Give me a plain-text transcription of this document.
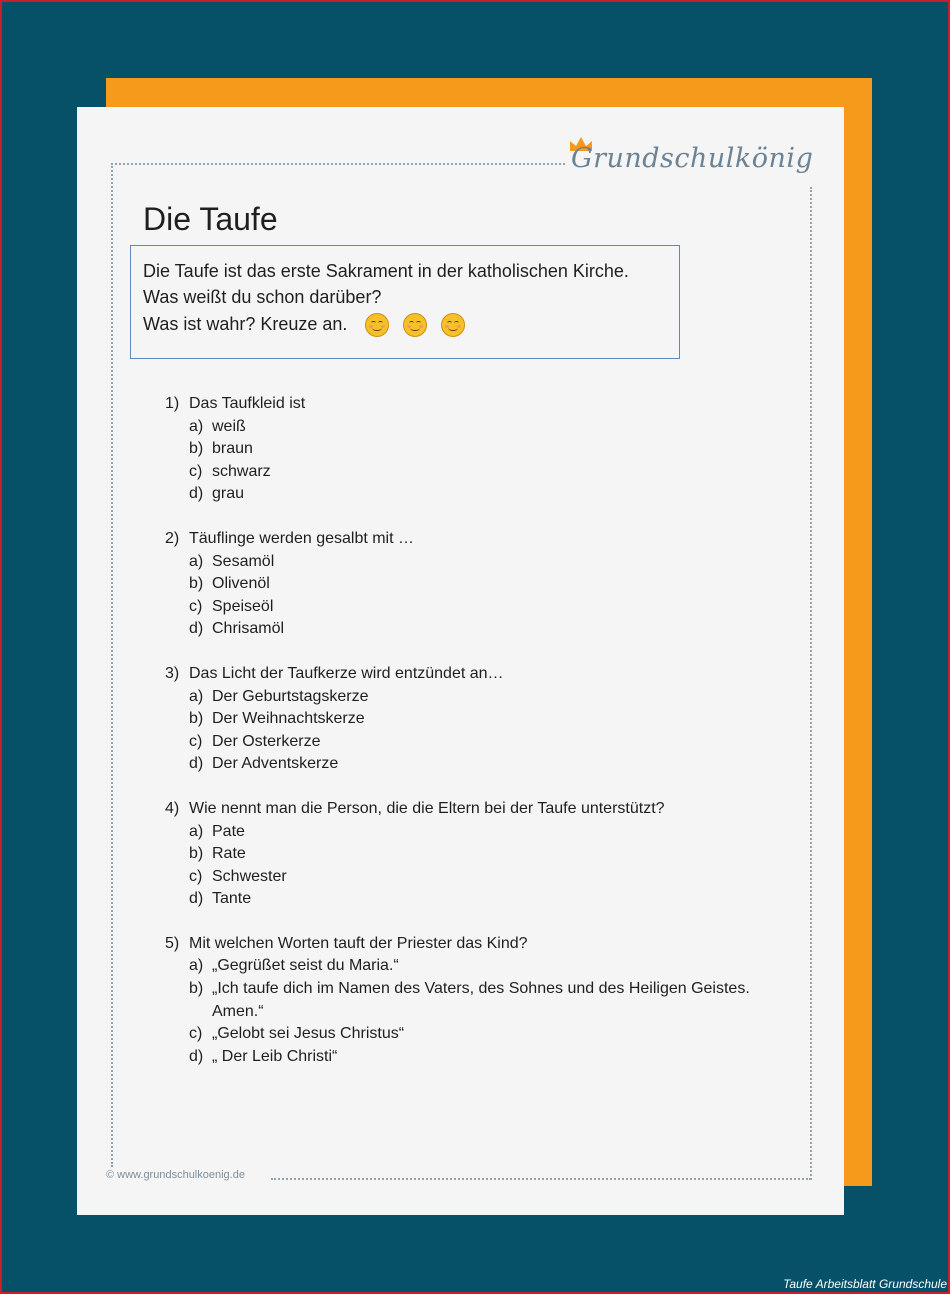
Grundschulkönig
Die Taufe
Die Taufe ist das erste Sakrament in der katholischen Kirche.
Was weißt du schon darüber?
Was ist wahr? Kreuze an.

1) Das Taufkleid ist
a) weiß
b) braun
c) schwarz
d) grau
2) Täuflinge werden gesalbt mit …
a) Sesamöl
b) Olivenöl
c) Speiseöl
d) Chrisamöl
3) Das Licht der Taufkerze wird entzündet an…
a) Der Geburtstagskerze
b) Der Weihnachtskerze
c) Der Osterkerze
d) Der Adventskerze
4) Wie nennt man die Person, die die Eltern bei der Taufe unterstützt?
a) Pate
b) Rate
c) Schwester
d) Tante
5) Mit welchen Worten tauft der Priester das Kind?
a) „Gegrüßet seist du Maria.“
b) „Ich taufe dich im Namen des Vaters, des Sohnes und des Heiligen Geistes.
Amen.“
c) „Gelobt sei Jesus Christus“
d) „ Der Leib Christi“
© www.grundschulkoenig.de
Taufe Arbeitsblatt Grundschule
